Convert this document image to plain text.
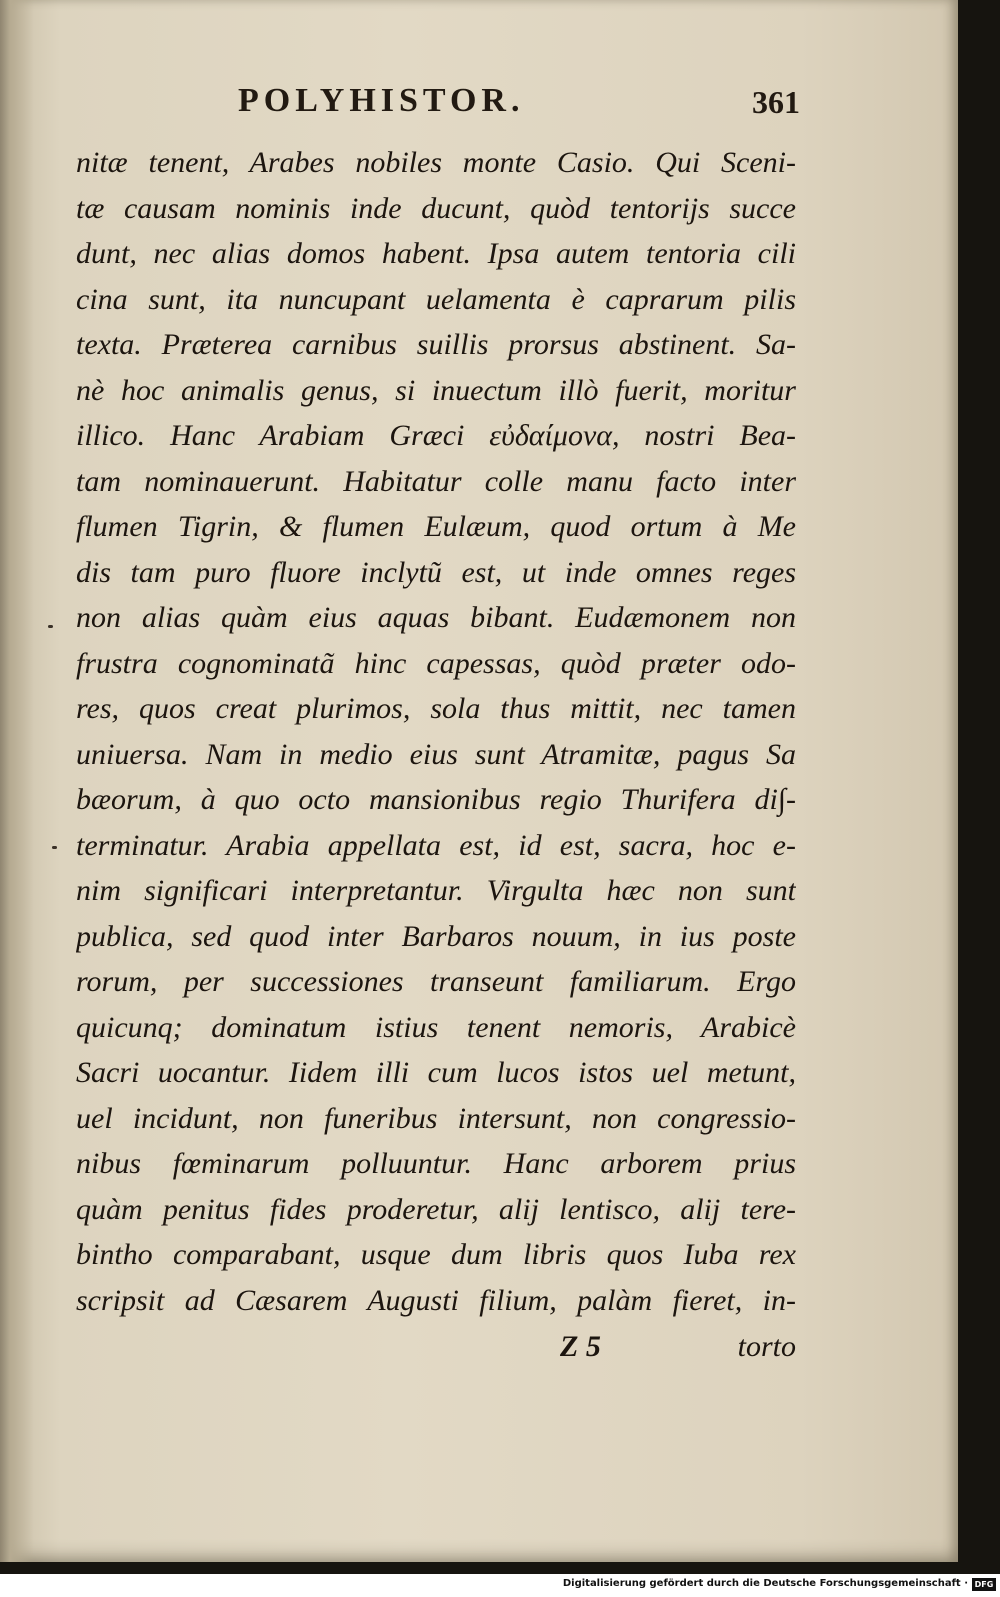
POLYHISTOR.	361
nitæ tenent, Arabes nobiles monte Casio. Qui Sceni-
tæ causam nominis inde ducunt, quòd tentorijs succe
dunt, nec alias domos habent. Ipsa autem tentoria cili
cina sunt, ita nuncupant uelamenta è caprarum pilis
texta. Præterea carnibus suillis prorsus abstinent. Sa-
nè hoc animalis genus, si inuectum illò fuerit, moritur
illico. Hanc Arabiam Græci εὐδαίμονα, nostri Bea-
tam nominauerunt. Habitatur colle manu facto inter
flumen Tigrin, & flumen Eulæum, quod ortum à Me
dis tam puro fluore inclytũ est, ut inde omnes reges
non alias quàm eius aquas bibant. Eudæmonem non
frustra cognominatã hinc capessas, quòd præter odo-
res, quos creat plurimos, sola thus mittit, nec tamen
uniuersa. Nam in medio eius sunt Atramitæ, pagus Sa
bæorum, à quo octo mansionibus regio Thurifera di∫-
terminatur. Arabia appellata est, id est, sacra, hoc e-
nim significari interpretantur. Virgulta hæc non sunt
publica, sed quod inter Barbaros nouum, in ius poste
rorum, per successiones transeunt familiarum. Ergo
quicunq; dominatum istius tenent nemoris, Arabicè
Sacri uocantur. Iidem illi cum lucos istos uel metunt,
uel incidunt, non funeribus intersunt, non congressio-
nibus fœminarum polluuntur. Hanc arborem prius
quàm penitus fides proderetur, alij lentisco, alij tere-
bintho comparabant, usque dum libris quos Iuba rex
scripsit ad Cæsarem Augusti filium, palàm fieret, in-
Z 5	torto
Digitalisierung gefördert durch die Deutsche Forschungsgemeinschaft · DFG
